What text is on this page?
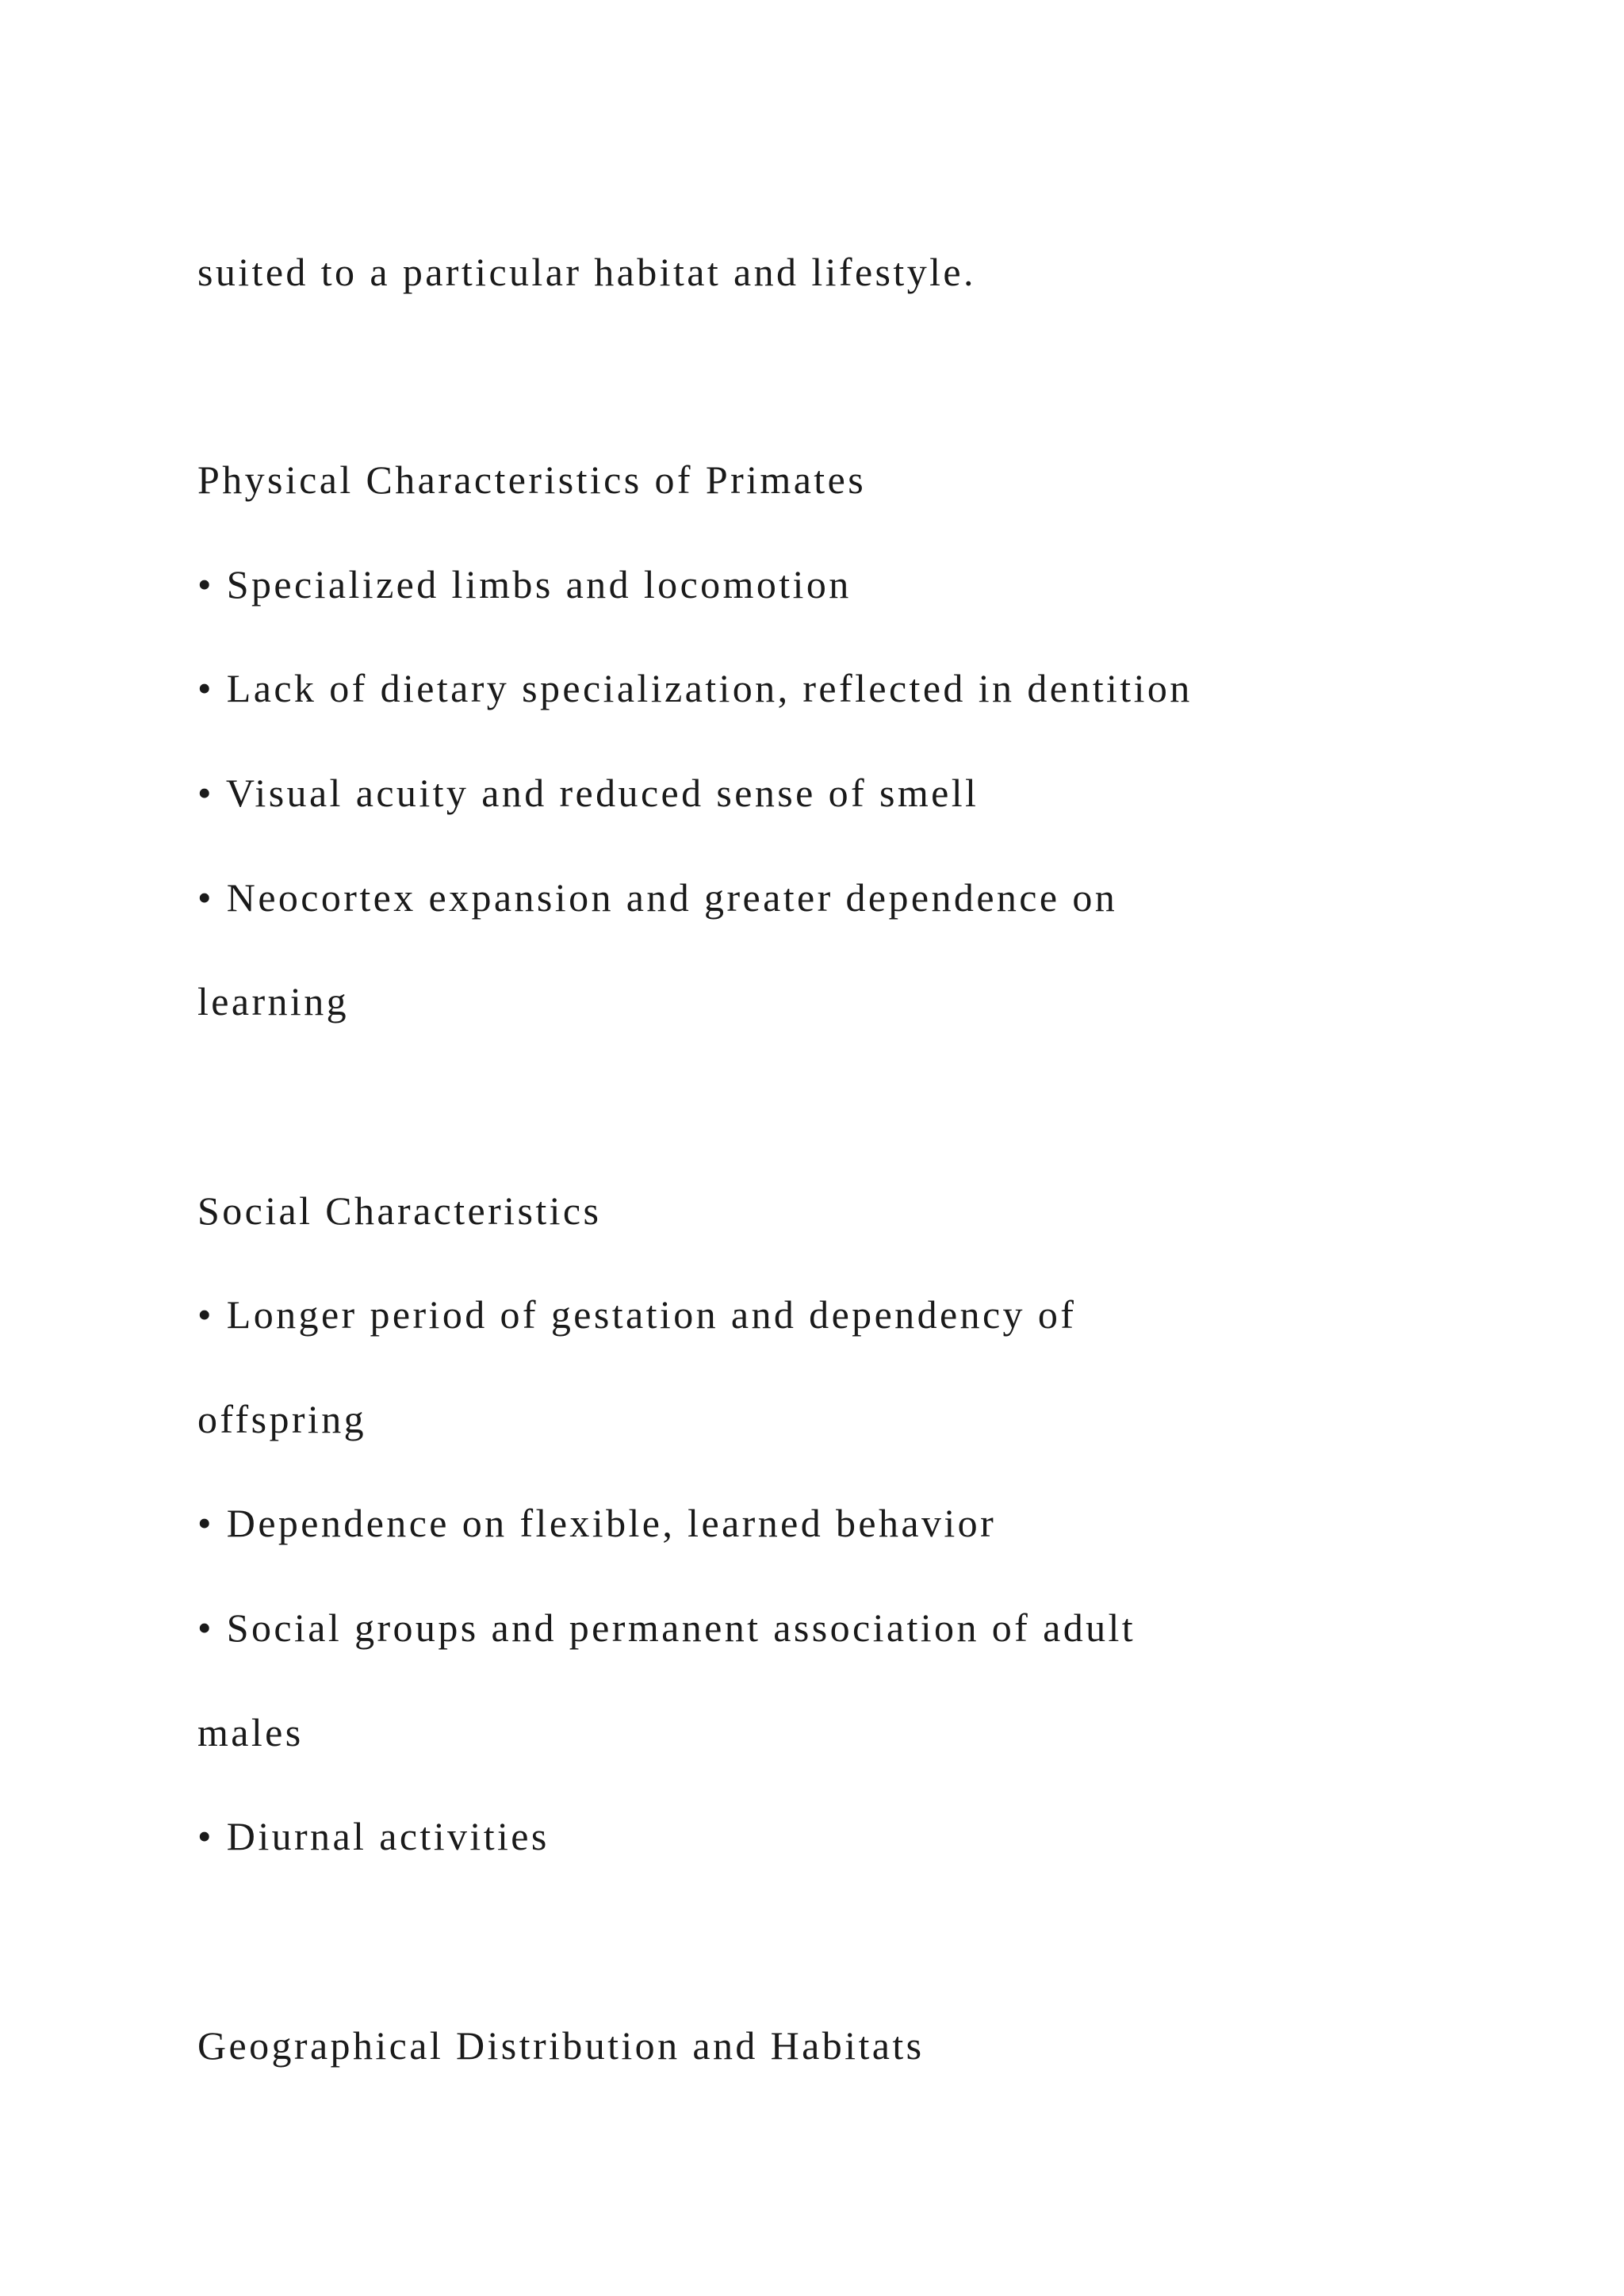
suited to a particular habitat and lifestyle.

Physical Characteristics of Primates

• Specialized limbs and locomotion

• Lack of dietary specialization, reflected in dentition

• Visual acuity and reduced sense of smell

• Neocortex expansion and greater dependence on

learning

Social Characteristics

• Longer period of gestation and dependency of

offspring

• Dependence on flexible, learned behavior

• Social groups and permanent association of adult

males

• Diurnal activities

Geographical Distribution and Habitats
